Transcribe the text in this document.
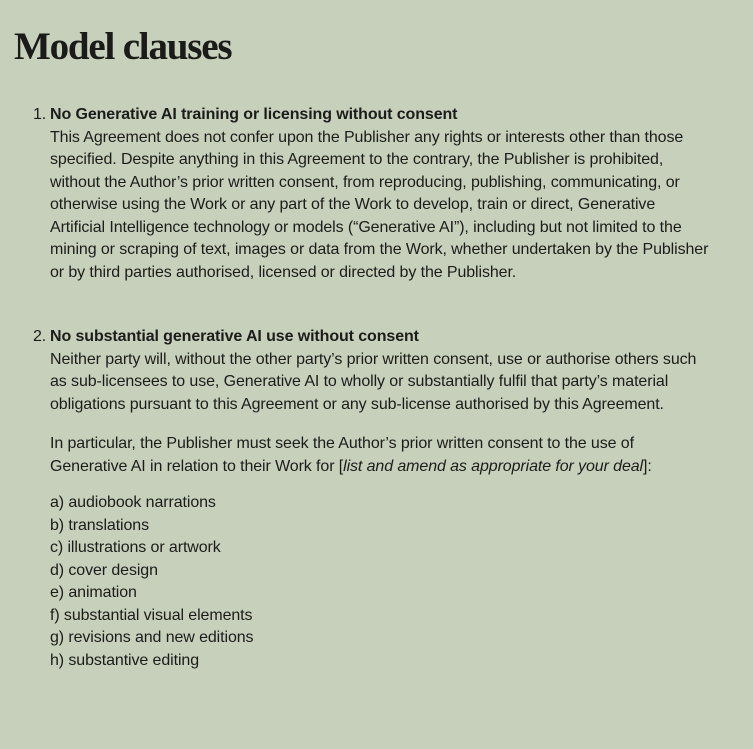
Model clauses
1. No Generative AI training or licensing without consent

This Agreement does not confer upon the Publisher any rights or interests other than those specified. Despite anything in this Agreement to the contrary, the Publisher is prohibited, without the Author’s prior written consent, from reproducing, publishing, communicating, or otherwise using the Work or any part of the Work to develop, train or direct, Generative Artificial Intelligence technology or models (“Generative AI”), including but not limited to the mining or scraping of text, images or data from the Work, whether undertaken by the Publisher or by third parties authorised, licensed or directed by the Publisher.

2. No substantial generative AI use without consent

Neither party will, without the other party’s prior written consent, use or authorise others such as sub-licensees to use, Generative AI to wholly or substantially fulfil that party’s material obligations pursuant to this Agreement or any sub-license authorised by this Agreement.

In particular, the Publisher must seek the Author’s prior written consent to the use of Generative AI in relation to their Work for [list and amend as appropriate for your deal]:

a) audiobook narrations
b) translations
c) illustrations or artwork
d) cover design
e) animation
f) substantial visual elements
g) revisions and new editions
h) substantive editing
